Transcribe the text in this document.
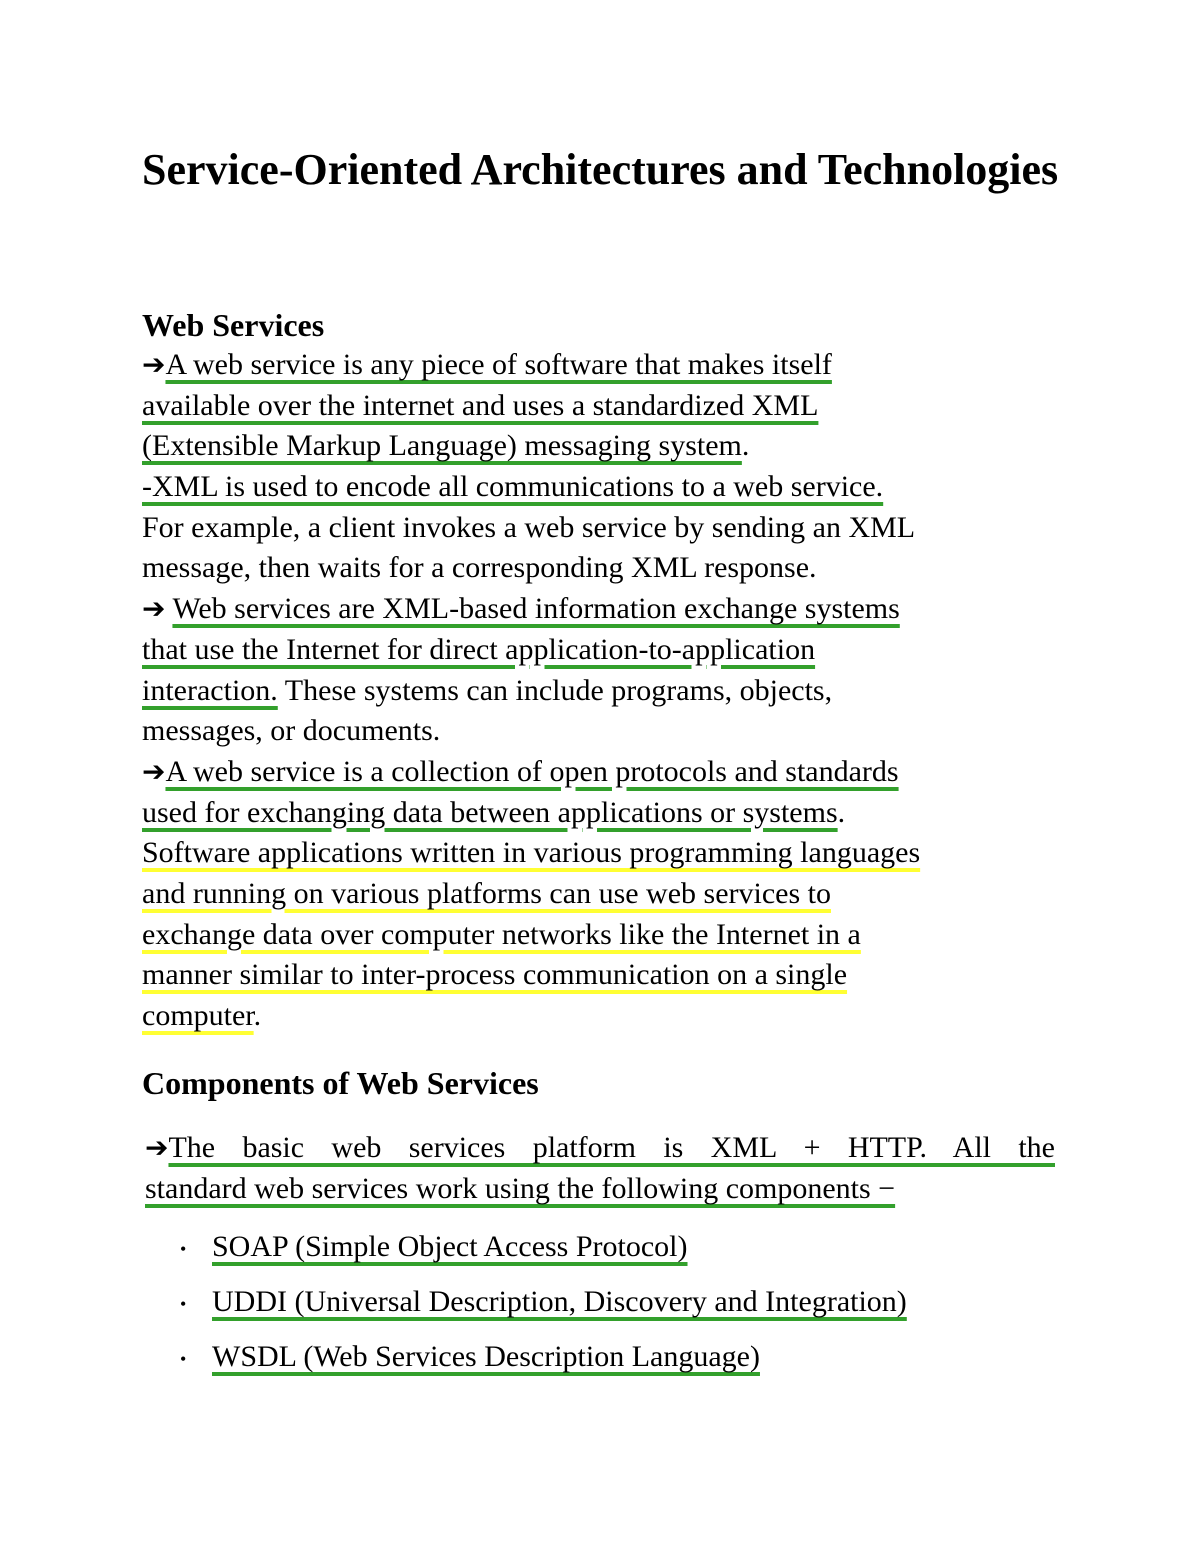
Service-Oriented Architectures and Technologies
Web Services
➔A web service is any piece of software that makes itself
available over the internet and uses a standardized XML
(Extensible Markup Language) messaging system.
-XML is used to encode all communications to a web service.
For example, a client invokes a web service by sending an XML
message, then waits for a corresponding XML response.
➔ Web services are XML-based information exchange systems
that use the Internet for direct application-to-application
interaction. These systems can include programs, objects,
messages, or documents.
➔A web service is a collection of open protocols and standards
used for exchanging data between applications or systems.
Software applications written in various programming languages
and running on various platforms can use web services to
exchange data over computer networks like the Internet in a
manner similar to inter-process communication on a single
computer.
Components of Web Services
➔ The basic web services platform is XML + HTTP. All the
standard web services work using the following components −
• SOAP (Simple Object Access Protocol)
• UDDI (Universal Description, Discovery and Integration)
• WSDL (Web Services Description Language)
